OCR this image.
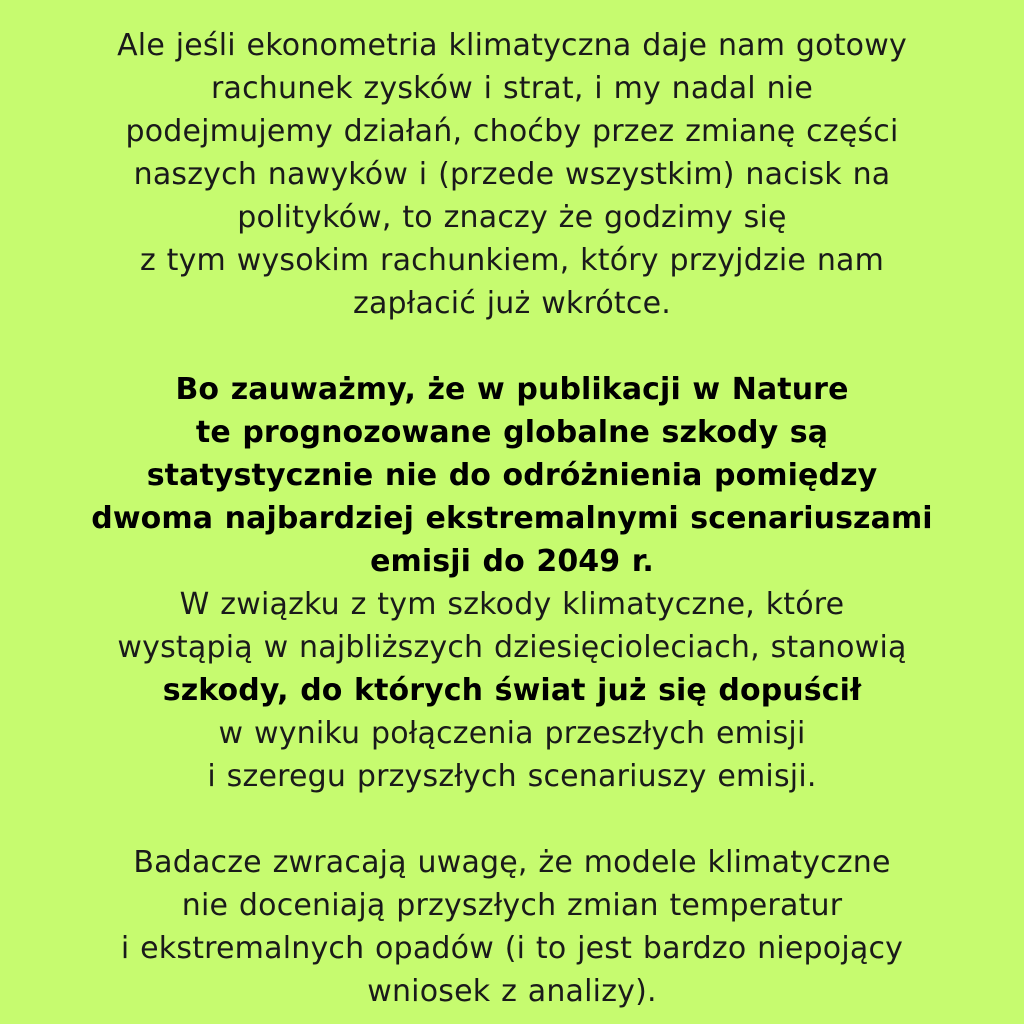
Ale jeśli ekonometria klimatyczna daje nam gotowy
rachunek zysków i strat, i my nadal nie
podejmujemy działań, choćby przez zmianę części
naszych nawyków i (przede wszystkim) nacisk na
polityków, to znaczy że godzimy się
z tym wysokim rachunkiem, który przyjdzie nam
zapłacić już wkrótce.
Bo zauważmy, że w publikacji w Nature
te prognozowane globalne szkody są
statystycznie nie do odróżnienia pomiędzy
dwoma najbardziej ekstremalnymi scenariuszami
emisji do 2049 r.
W związku z tym szkody klimatyczne, które
wystąpią w najbliższych dziesięcioleciach, stanowią
szkody, do których świat już się dopuścił
w wyniku połączenia przeszłych emisji
i szeregu przyszłych scenariuszy emisji.
Badacze zwracają uwagę, że modele klimatyczne
nie doceniają przyszłych zmian temperatur
i ekstremalnych opadów (i to jest bardzo niepojący
wniosek z analizy).
